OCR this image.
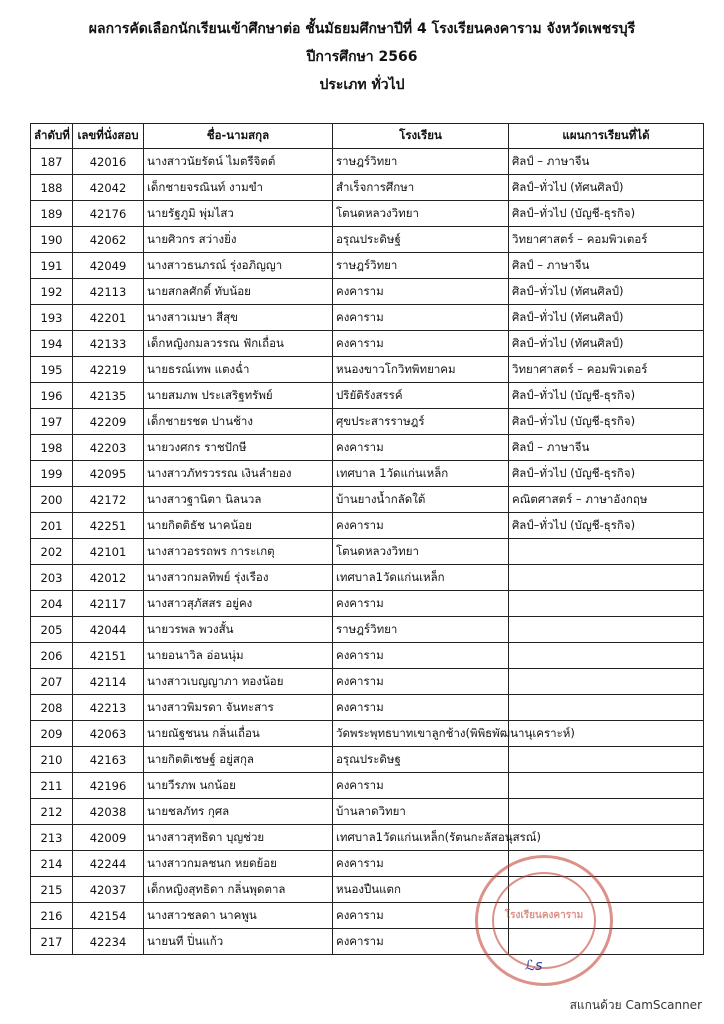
ผลการคัดเลือกนักเรียนเข้าศึกษาต่อ ชั้นมัธยมศึกษาปีที่ 4 โรงเรียนคงคาราม จังหวัดเพชรบุรี
ปีการศึกษา 2566
ประเภท ทั่วไป
ลำดับที่	เลขที่นั่งสอบ	ชื่อ-นามสกุล	โรงเรียน	แผนการเรียนที่ได้
187	42016	นางสาวนัยรัตน์ ไมตรีจิตต์	ราษฎร์วิทยา	ศิลป์ – ภาษาจีน
188	42042	เด็กชายจรณินท์ งามขำ	สำเร็จการศึกษา	ศิลป์–ทั่วไป (ทัศนศิลป์)
189	42176	นายรัฐภูมิ พุ่มไสว	โตนดหลวงวิทยา	ศิลป์–ทั่วไป (บัญชี-ธุรกิจ)
190	42062	นายศิวกร สว่างยิ่ง	อรุณประดิษฐ์	วิทยาศาสตร์ – คอมพิวเตอร์
191	42049	นางสาวธนภรณ์ รุ่งอภิญญา	ราษฎร์วิทยา	ศิลป์ – ภาษาจีน
192	42113	นายสกลศักดิ์ ทับน้อย	คงคาราม	ศิลป์–ทั่วไป (ทัศนศิลป์)
193	42201	นางสาวเมษา สีสุข	คงคาราม	ศิลป์–ทั่วไป (ทัศนศิลป์)
194	42133	เด็กหญิงกมลวรรณ ฟักเถื่อน	คงคาราม	ศิลป์–ทั่วไป (ทัศนศิลป์)
195	42219	นายธรณ์เทพ แตงฉ่ำ	หนองขาวโกวิทพิทยาคม	วิทยาศาสตร์ – คอมพิวเตอร์
196	42135	นายสมภพ ประเสริฐทรัพย์	ปริยัติรังสรรค์	ศิลป์–ทั่วไป (บัญชี-ธุรกิจ)
197	42209	เด็กชายรชต ปานช้าง	ศุขประสารราษฎร์	ศิลป์–ทั่วไป (บัญชี-ธุรกิจ)
198	42203	นายวงศกร ราชปักษี	คงคาราม	ศิลป์ – ภาษาจีน
199	42095	นางสาวภัทรวรรณ เงินลำยอง	เทศบาล 1วัดแก่นเหล็ก	ศิลป์–ทั่วไป (บัญชี-ธุรกิจ)
200	42172	นางสาวฐานิตา นิลนวล	บ้านยางน้ำกลัดใต้	คณิตศาสตร์ – ภาษาอังกฤษ
201	42251	นายกิตติธัช นาคน้อย	คงคาราม	ศิลป์–ทั่วไป (บัญชี-ธุรกิจ)
202	42101	นางสาวอรรถพร การะเกตุ	โตนดหลวงวิทยา	
203	42012	นางสาวกมลทิพย์ รุ่งเรือง	เทศบาล1วัดแก่นเหล็ก	
204	42117	นางสาวสุภัสสร อยู่คง	คงคาราม	
205	42044	นายวรพล พวงสั้น	ราษฎร์วิทยา	
206	42151	นายอนาวิล อ่อนนุ่ม	คงคาราม	
207	42114	นางสาวเบญญาภา ทองน้อย	คงคาราม	
208	42213	นางสาวพิมรดา จันทะสาร	คงคาราม	
209	42063	นายณัฐชนน กลิ่นเถื่อน	วัดพระพุทธบาทเขาลูกช้าง(พิพิธพัฒนานุเคราะห์)	
210	42163	นายกิตติเชษฐ์ อยู่สกุล	อรุณประดิษฐ	
211	42196	นายวีรภพ นกน้อย	คงคาราม	
212	42038	นายชลภัทร กุศล	บ้านลาดวิทยา	
213	42009	นางสาวสุทธิดา บุญช่วย	เทศบาล1วัดแก่นเหล็ก(รัตนกะลัสอนุสรณ์)	
214	42244	นางสาวกมลชนก หยดย้อย	คงคาราม	
215	42037	เด็กหญิงสุทธิดา กลิ่นพุดตาล	หนองปืนแตก	
216	42154	นางสาวชลดา นาคพูน	คงคาราม	
217	42234	นายนที ปิ่นแก้ว	คงคาราม	
โรงเรียนคงคาราม
ℒs
สแกนด้วย CamScanner
